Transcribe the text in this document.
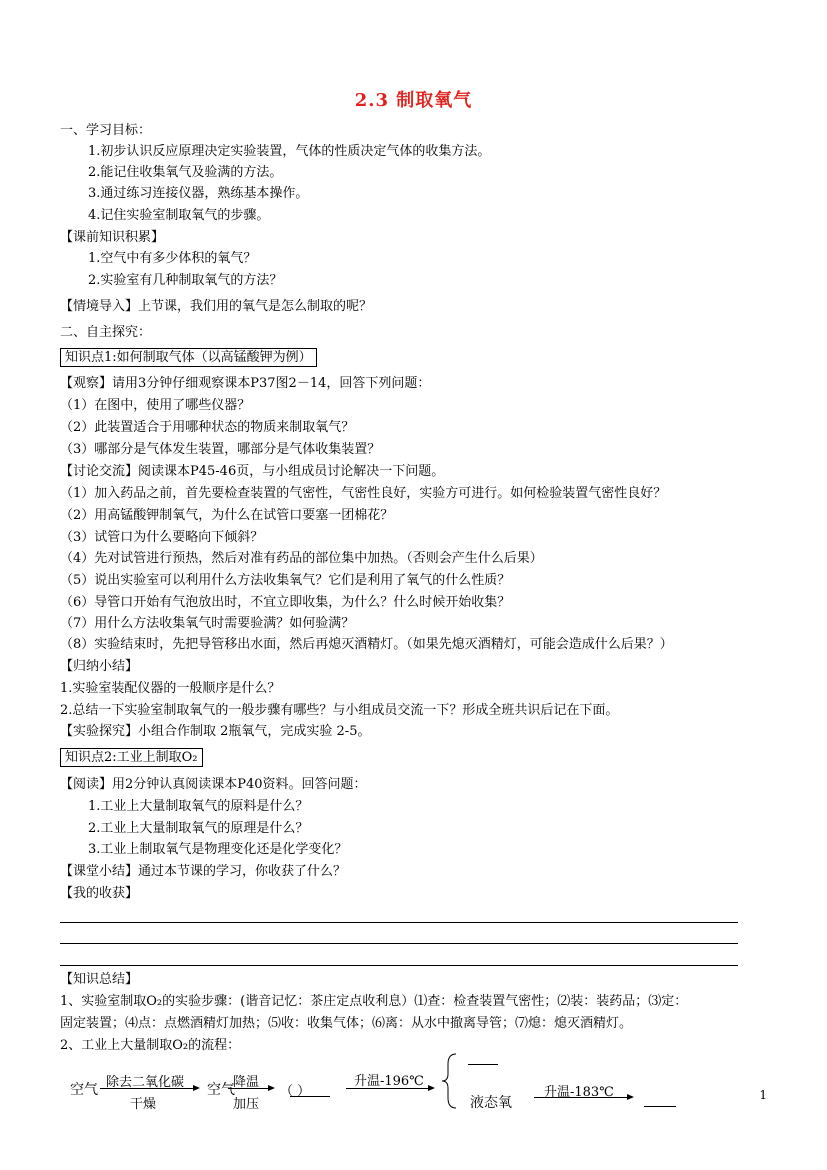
2.3 制取氧气
一、学习目标：
1.初步认识反应原理决定实验装置，气体的性质决定气体的收集方法。
2.能记住收集氧气及验满的方法。
3.通过练习连接仪器，熟练基本操作。
4.记住实验室制取氧气的步骤。
【课前知识积累】
1.空气中有多少体积的氧气？
2.实验室有几种制取氧气的方法？
【情境导入】上节课，我们用的氧气是怎么制取的呢？
二、自主探究：
知识点1:如何制取气体（以高锰酸钾为例）
【观察】请用3分钟仔细观察课本P37图2－14，回答下列问题：
（1）在图中，使用了哪些仪器？
（2）此装置适合于用哪种状态的物质来制取氧气？
（3）哪部分是气体发生装置，哪部分是气体收集装置？
【讨论交流】阅读课本P45-46页，与小组成员讨论解决一下问题。
（1）加入药品之前，首先要检查装置的气密性，气密性良好，实验方可进行。如何检验装置气密性良好？
（2）用高锰酸钾制氧气，为什么在试管口要塞一团棉花？
（3）试管口为什么要略向下倾斜？
（4）先对试管进行预热，然后对准有药品的部位集中加热。（否则会产生什么后果）
（5）说出实验室可以利用什么方法收集氧气？它们是利用了氧气的什么性质？
（6）导管口开始有气泡放出时，不宜立即收集，为什么？什么时候开始收集？
（7）用什么方法收集氧气时需要验满？如何验满？
（8）实验结束时，先把导管移出水面，然后再熄灭酒精灯。（如果先熄灭酒精灯，可能会造成什么后果？）
【归纳小结】
1.实验室装配仪器的一般顺序是什么？
2.总结一下实验室制取氧气的一般步骤有哪些？与小组成员交流一下？形成全班共识后记在下面。
【实验探究】小组合作制取 2瓶氧气，完成实验 2-5。
知识点2:工业上制取O₂
【阅读】用2分钟认真阅读课本P40资料。回答问题：
1.工业上大量制取氧气的原料是什么？
2.工业上大量制取氧气的原理是什么？
3.工业上制取氧气是物理变化还是化学变化？
【课堂小结】通过本节课的学习，你收获了什么？
【我的收获】
【知识总结】
1、实验室制取O₂的实验步骤：(谐音记忆：茶庄定点收利息）⑴查：检查装置气密性；⑵装：装药品；⑶定：
固定装置；⑷点：点燃酒精灯加热；⑸收：收集气体；⑹离：从水中撤离导管；⑺熄：熄灭酒精灯。
2、工业上大量制取O₂的流程：
空气 除去二氧化碳
干燥
空气
降温
加压
（ ）
升温-196℃
液态氧
升温-183℃	1
